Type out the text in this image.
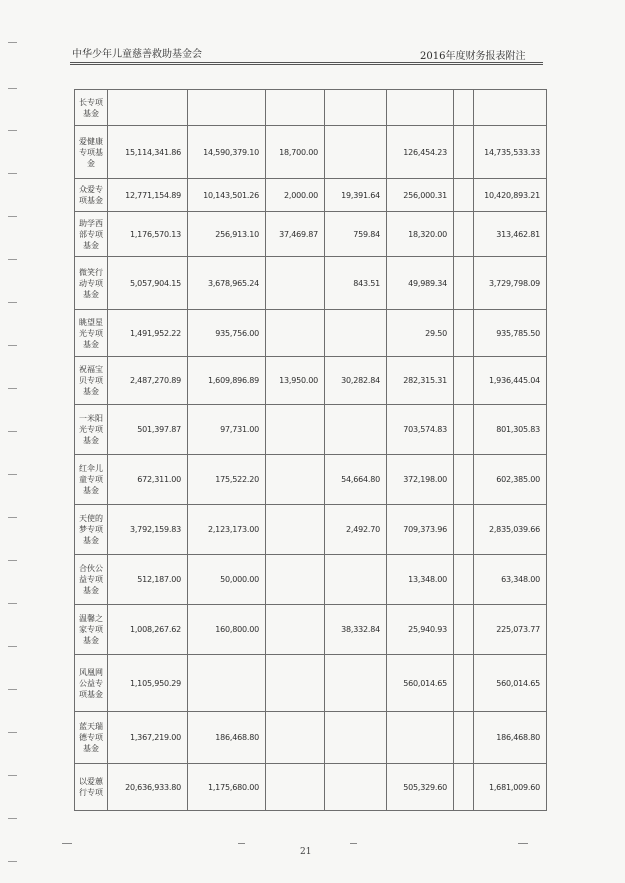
中华少年儿童慈善救助基金会	2016年度财务报表附注
长专项基金							
爱健康专项基金	15,114,341.86	14,590,379.10	18,700.00		126,454.23		14,735,533.33
众爱专项基金	12,771,154.89	10,143,501.26	2,000.00	19,391.64	256,000.31		10,420,893.21
助学西部专项基金	1,176,570.13	256,913.10	37,469.87	759.84	18,320.00		313,462.81
微笑行动专项基金	5,057,904.15	3,678,965.24		843.51	49,989.34		3,729,798.09
眺望星光专项基金	1,491,952.22	935,756.00			29.50		935,785.50
祝福宝贝专项基金	2,487,270.89	1,609,896.89	13,950.00	30,282.84	282,315.31		1,936,445.04
一米阳光专项基金	501,397.87	97,731.00			703,574.83		801,305.83
红伞儿童专项基金	672,311.00	175,522.20		54,664.80	372,198.00		602,385.00
天使的梦专项基金	3,792,159.83	2,123,173.00		2,492.70	709,373.96		2,835,039.66
合伙公益专项基金	512,187.00	50,000.00			13,348.00		63,348.00
温馨之家专项基金	1,008,267.62	160,800.00		38,332.84	25,940.93		225,073.77
风凰网公益专项基金	1,105,950.29				560,014.65		560,014.65
蓝天瑞德专项基金	1,367,219.00	186,468.80					186,468.80
以爱蕙行专项	20,636,933.80	1,175,680.00			505,329.60		1,681,009.60
21
